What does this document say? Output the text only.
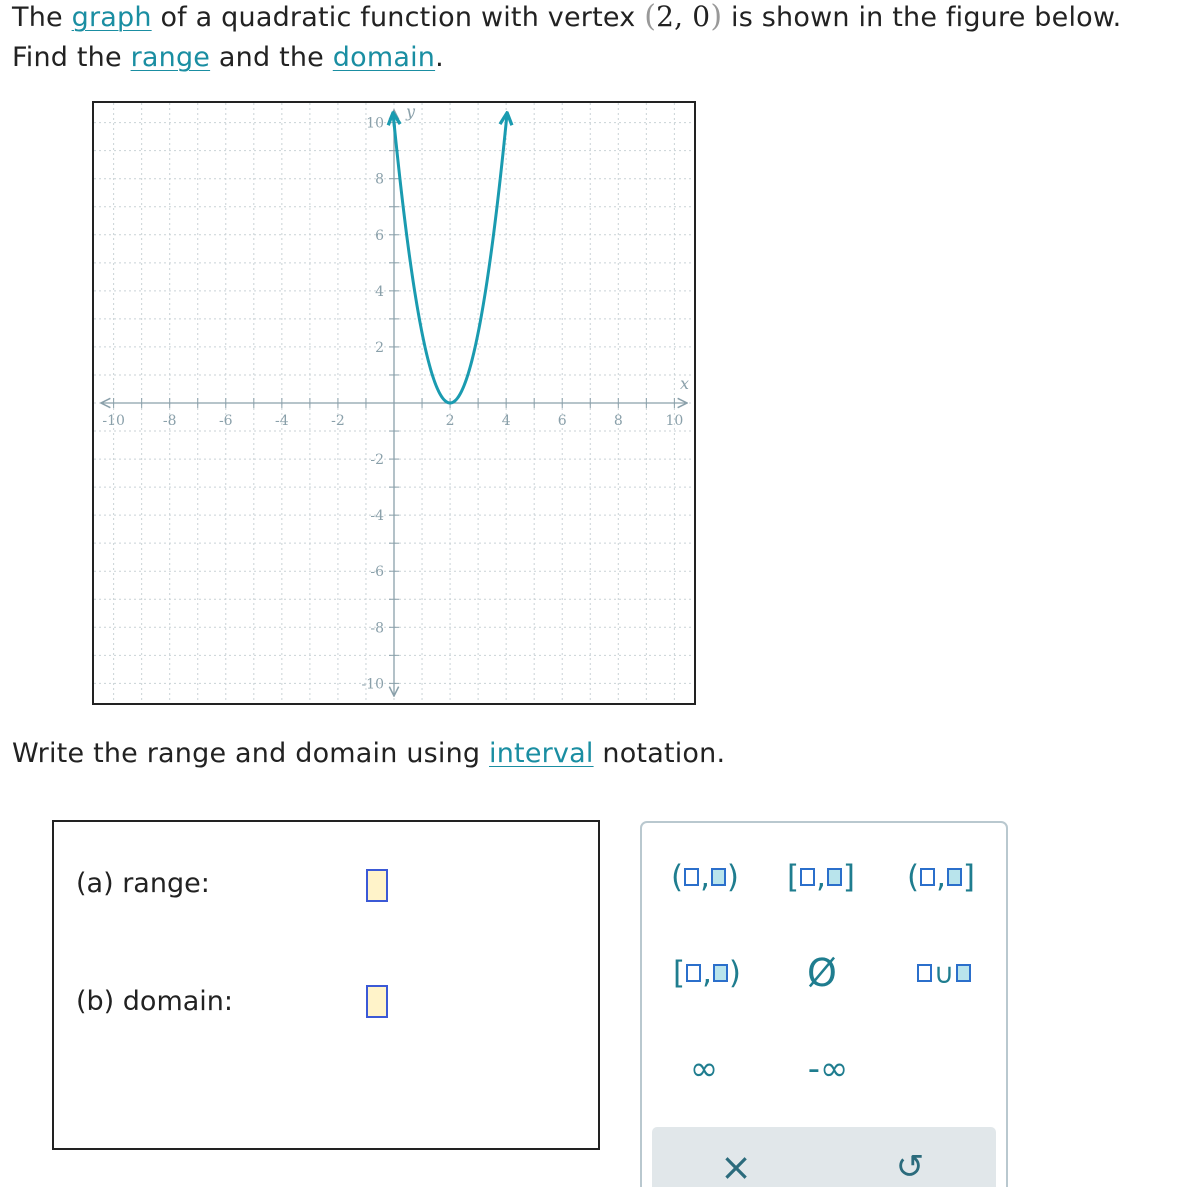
The graph of a quadratic function with vertex (2, 0) is shown in the figure below.
Find the range and the domain.
-10	-8	-6	-4	-2	2	4	6	8	10
10
8
6
4
2
-2
-4
-6
-8
-10
x
y
Write the range and domain using interval notation.
(a) range:
(b) domain:
( , ) [ , ] ( , ]
[ , ) Ø	∪
∞	-∞
×	↺
